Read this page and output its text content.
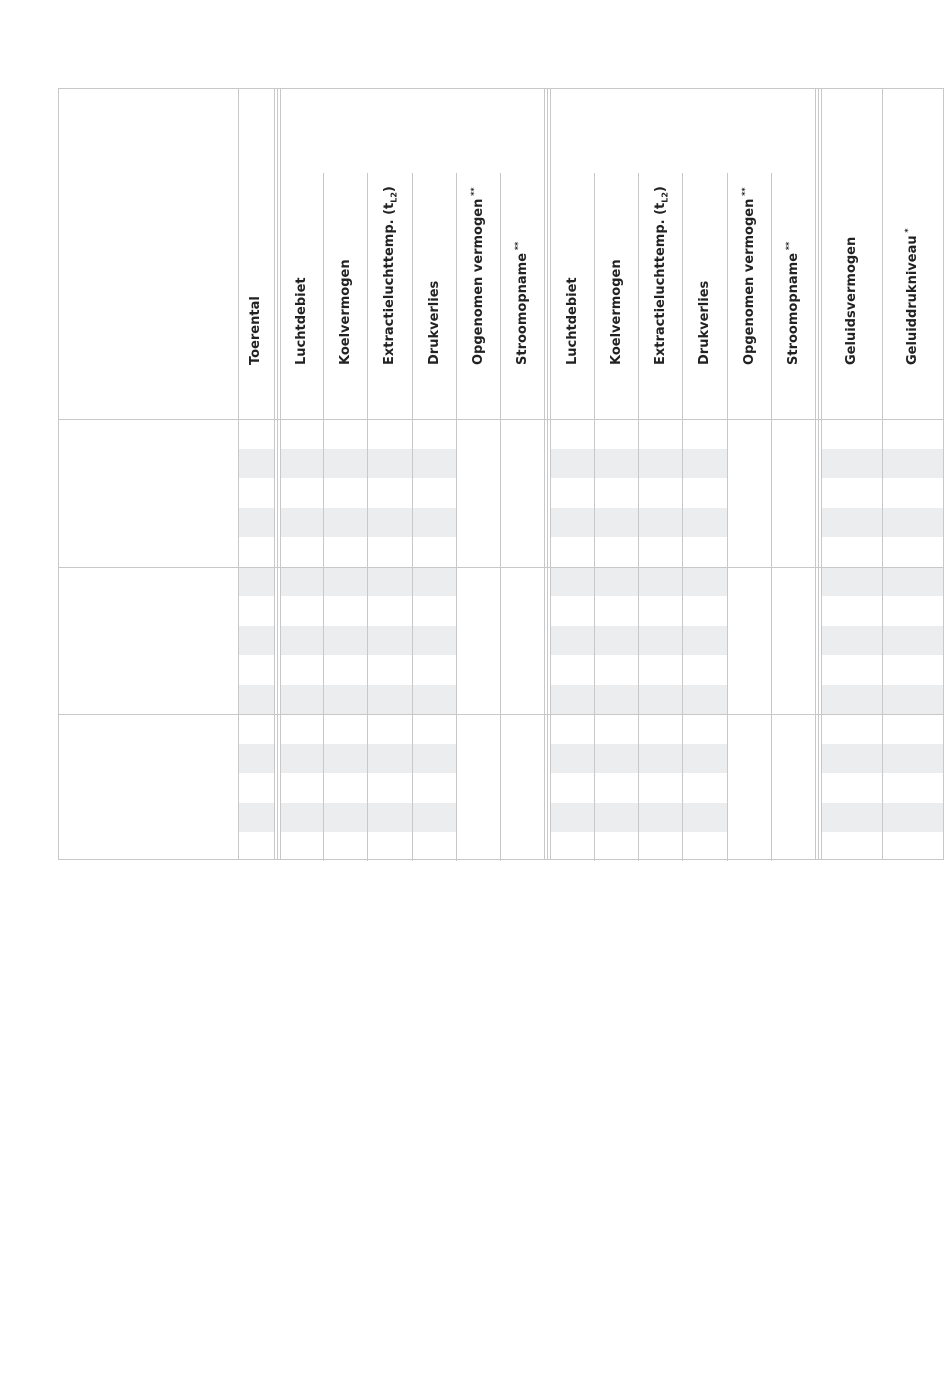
Toerental Luchtdebiet Koelvermogen Extractieluchttemp. $(t_{L2})$
Drukverlies Opgenomen vermogen **
Stroomopname **
Luchtdebiet Koelvermogen Extractieluchttemp. $(t_{L2})$
Drukverlies Opgenomen vermogen **
Stroomopname **	Geluidsvermogen	Geluiddrukniveau *
